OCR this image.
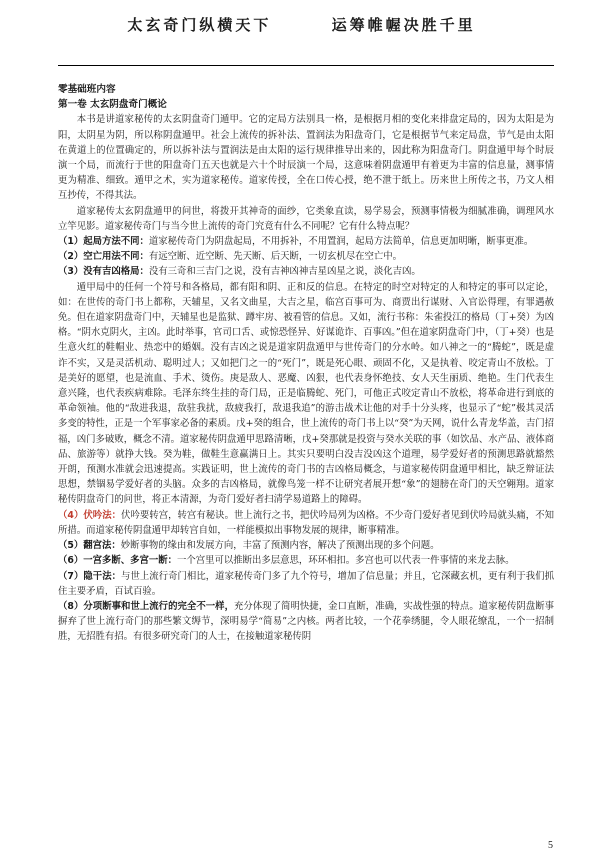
太玄奇门纵横天下	运筹帷幄决胜千里
零基础班内容
第一卷 太玄阴盘奇门概论

本书是讲道家秘传的太玄阴盘奇门遁甲。它的定局方法别具一格，是根据月相的变化来排盘定局的，因为太阳是为阳，太阴星为阴，所以称阴盘遁甲。社会上流传的拆补法、置润法为阳盘奇门，它是根据节气来定局盘，节气是由太阳在黄道上的位置确定的，所以拆补法与置润法是由太阳的运行规律推导出来的，因此称为阳盘奇门。阴盘遁甲每个时辰演一个局，而流行于世的阳盘奇门五天也就是六十个时辰演一个局，这意味着阴盘遁甲有着更为丰富的信息量，测事情更为精准、细致。遁甲之术，实为道家秘传。道家传授，全在口传心授，绝不泄于纸上。历来世上所传之书，乃文人相互抄传，不得其法。

道家秘传太玄阴盘遁甲的问世，将拨开其神奇的面纱，它类象直读，易学易会，预测事情极为细腻准确，调理风水立竿见影。道家秘传奇门与当今世上流传的奇门究竟有什么不同呢？它有什么特点呢？

（1）起局方法不同：道家秘传奇门为阴盘起局，不用拆补，不用置润，起局方法简单，信息更加明晰，断事更准。

（2）空亡用法不同：有远空断、近空断、先天断、后天断，一切玄机尽在空亡中。

（3）没有吉凶格局：没有三奇和三吉门之说，没有吉神凶神吉星凶星之说，淡化吉凶。

遁甲局中的任何一个符号和各格局，都有阳和阴、正和反的信息。在特定的时空对特定的人和特定的事可以定论，如：在世传的奇门书上都称，天辅星，又名文曲星，大吉之星，临宫百事可为、商贾出行谋财、入官讼得理，有罪遇赦免。但在道家阴盘奇门中，天辅星也是监狱、蹲牢房、被看管的信息。又如，流行书称：朱雀投江的格局（丁+癸）为凶格。“阴水克阴火，主凶。此时举事，官司口舌、或惊恐怪异、好谋诡诈、百事凶。”但在道家阴盘奇门中，（丁+癸）也是生意火红的鞋帽业、热恋中的婚姻。没有吉凶之说是道家阴盘遁甲与世传奇门的分水岭。如八神之一的“腾蛇”，既是虚诈不实，又是灵活机动、聪明过人；又如把门之一的“死门”，既是死心眼、顽固不化，又是执着、咬定青山不放松。丁是美好的愿望，也是流血、手术、烫伤。庚是敌人、恶魔、凶狠，也代表身怀绝技、女人天生丽质、绝艳。生门代表生意兴隆，也代表疾病难除。毛泽东终生挂的奇门局，正是临腾蛇、死门，可他正式咬定青山不放松，将革命进行到底的革命领袖。他的“敌进我退，敌驻我扰，敌疲我打，敌退我追”的游击战术让他的对手十分头疼，也显示了“蛇”极其灵活多变的特性，正是一个军事家必备的素质。戊+癸的组合，世上流传的奇门书上以“癸”为天网，说什么青龙华盖，吉门招福，凶门多破败，概念不清。道家秘传阴盘遁甲思路清晰，戊+癸那就是投资与癸水关联的事（如饮品、水产品、液体商品、旅游等）就挣大钱。癸为鞋，做鞋生意赢满日上。其实只要明白没吉没凶这个道理，易学爱好者的预测思路就豁然开朗，预测水准就会迅速提高。实践证明，世上流传的奇门书的吉凶格局概念，与道家秘传阴盘遁甲相比，缺乏辩证法思想，禁锢易学爱好者的头脑。众多的吉凶格局，就像鸟笼一样不让研究者展开想“象”的翅膀在奇门的天空翱翔。道家秘传阴盘奇门的问世，将正本清源，为奇门爱好者扫清学易道路上的障碍。

（4）伏吟法：伏吟要转宫，转宫有秘诀。世上流行之书，把伏吟局列为凶格。不少奇门爱好者见到伏吟局就头痛，不知所措。而道家秘传阴盘遁甲却转宫自如，一样能模拟出事物发展的规律，断事精准。

（5）翻宫法：妙断事物的缘由和发展方向，丰富了预测内容，解决了预测出现的多个问题。

（6）一宫多断、多宫一断：一个宫里可以推断出多层意思，环环相扣。多宫也可以代表一件事情的来龙去脉。

（7）隐干法：与世上流行奇门相比，道家秘传奇门多了九个符号，增加了信息量；并且，它深藏玄机，更有利于我们抓住主要矛盾，百试百验。

（8）分项断事和世上流行的完全不一样，充分体现了简明快捷，金口直断，准确，实战性强的特点。道家秘传阴盘断事摒弃了世上流行奇门的那些繁文缛节，深明易学“简易”之内核。两者比较，一个花拳绣腿，令人眼花缭乱，一个一招制胜，无招胜有招。有很多研究奇门的人士，在接触道家秘传阴

5
